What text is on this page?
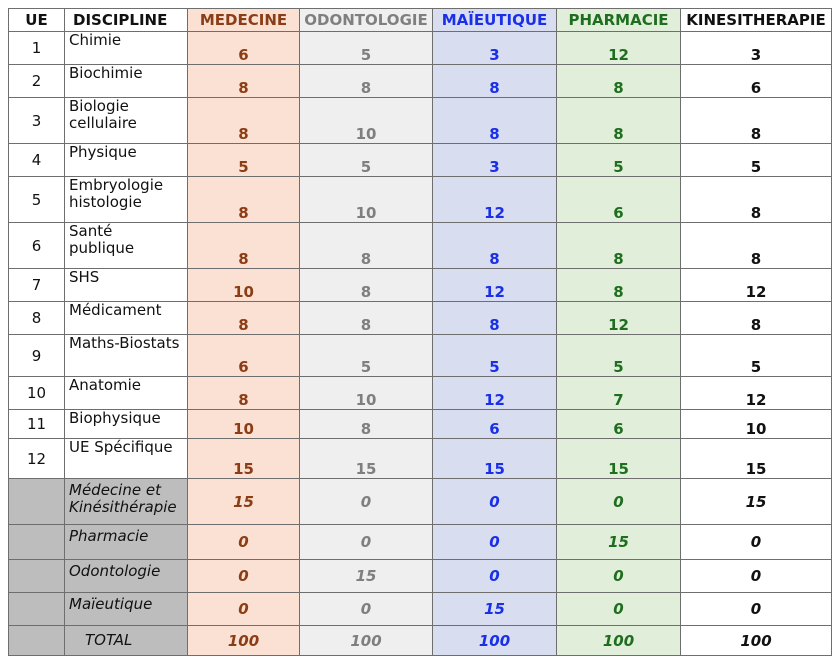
UE	DISCIPLINE	MEDECINE	ODONTOLOGIE	MAÏEUTIQUE	PHARMACIE	KINESITHERAPIE
1	Chimie	6	5	3	12	3
2	Biochimie	8	8	8	8	6
3	Biologie
cellulaire	8	10	8	8	8
4	Physique	5	5	3	5	5
5	Embryologie
histologie	8	10	12	6	8
6	Santé
publique	8	8	8	8	8
7	SHS	10	8	12	8	12
8	Médicament	8	8	8	12	8
9	Maths-Biostats	6	5	5	5	5
10	Anatomie	8	10	12	7	12
11	Biophysique	10	8	6	6	10
12	UE Spécifique	15	15	15	15	15
	Médecine et
Kinésithérapie	15	0	0	0	15
	Pharmacie	0	0	0	15	0
	Odontologie	0	15	0	0	0
	Maïeutique	0	0	15	0	0
	TOTAL	100	100	100	100	100
